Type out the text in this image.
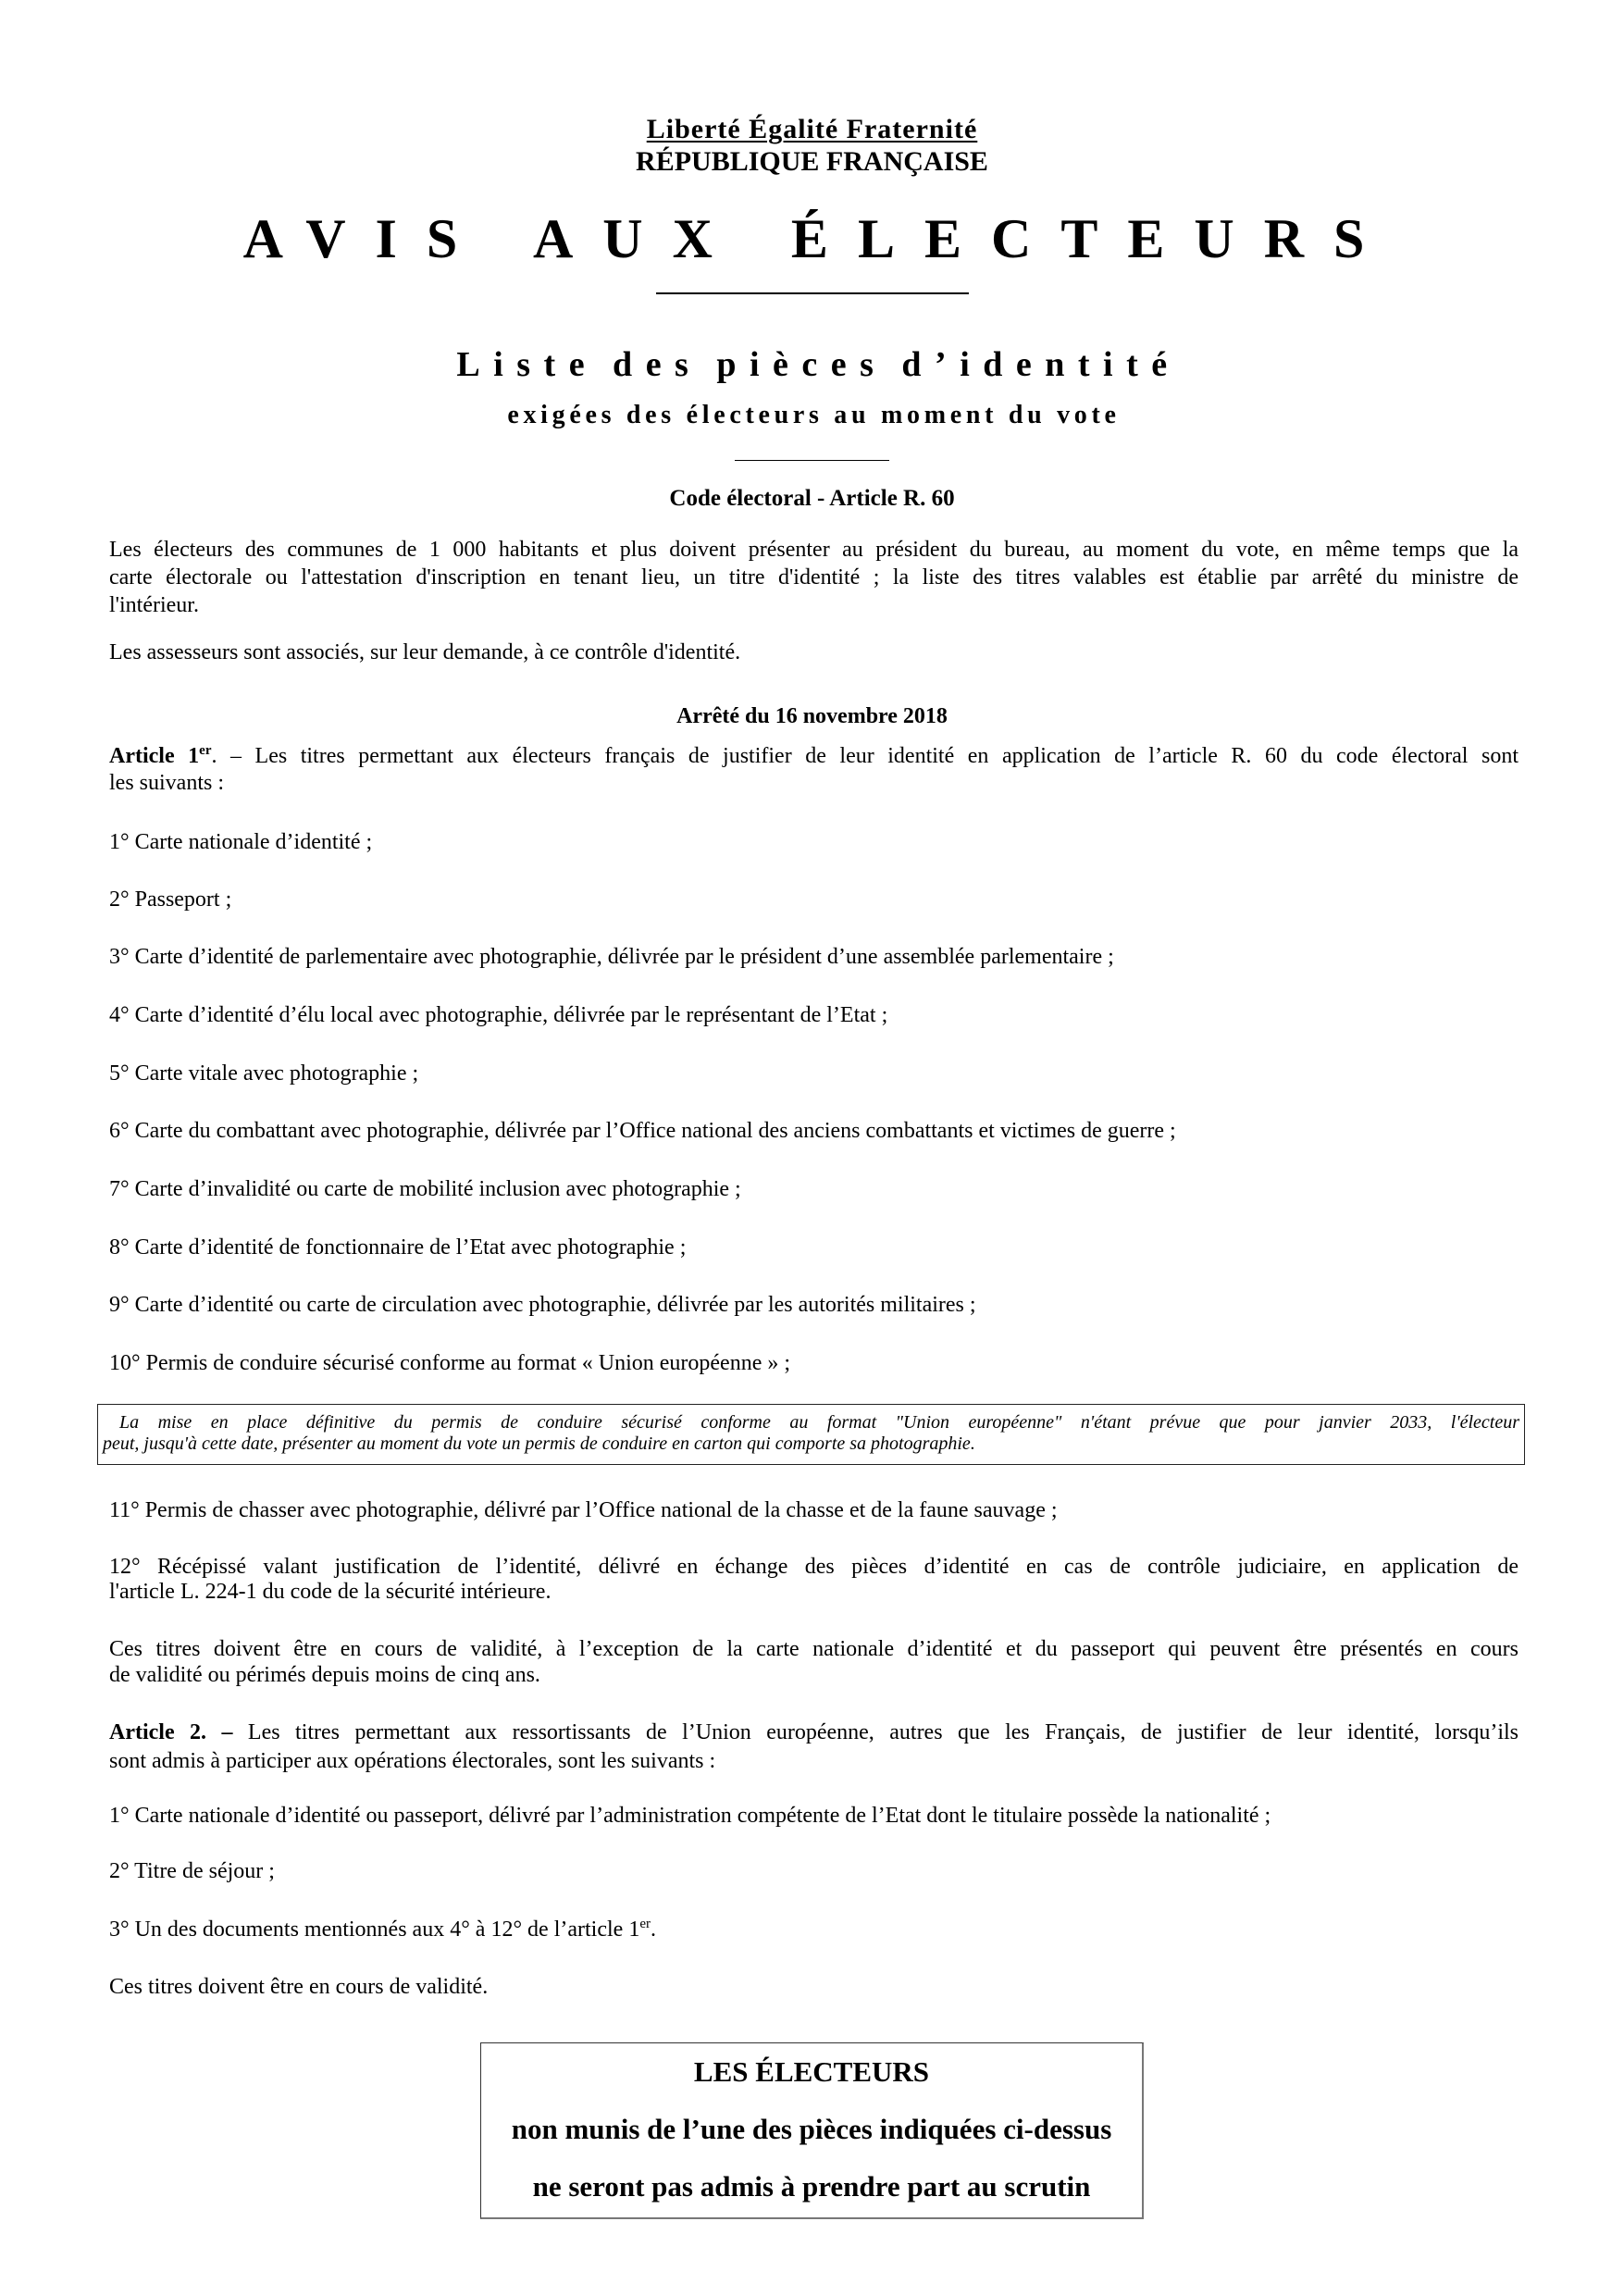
Liberté Égalité Fraternité
RÉPUBLIQUE FRANÇAISE
AVIS AUX ÉLECTEURS
Liste des pièces d’identité
exigées des électeurs au moment du vote
Code électoral - Article R. 60
Les électeurs des communes de 1 000 habitants et plus doivent présenter au président du bureau, au moment du vote, en même temps que la
carte électorale ou l'attestation d'inscription en tenant lieu, un titre d'identité ; la liste des titres valables est établie par arrêté du ministre de
l'intérieur.
Les assesseurs sont associés, sur leur demande, à ce contrôle d'identité.
Arrêté du 16 novembre 2018
Article 1er. – Les titres permettant aux électeurs français de justifier de leur identité en application de l’article R. 60 du code électoral sont
les suivants :
1° Carte nationale d’identité ;
2° Passeport ;
3° Carte d’identité de parlementaire avec photographie, délivrée par le président d’une assemblée parlementaire ;
4° Carte d’identité d’élu local avec photographie, délivrée par le représentant de l’Etat ;
5° Carte vitale avec photographie ;
6° Carte du combattant avec photographie, délivrée par l’Office national des anciens combattants et victimes de guerre ;
7° Carte d’invalidité ou carte de mobilité inclusion avec photographie ;
8° Carte d’identité de fonctionnaire de l’Etat avec photographie ;
9° Carte d’identité ou carte de circulation avec photographie, délivrée par les autorités militaires ;
10° Permis de conduire sécurisé conforme au format « Union européenne » ;
La mise en place définitive du permis de conduire sécurisé conforme au format "Union européenne" n'étant prévue que pour janvier 2033, l'électeur
peut, jusqu'à cette date, présenter au moment du vote un permis de conduire en carton qui comporte sa photographie.
11° Permis de chasser avec photographie, délivré par l’Office national de la chasse et de la faune sauvage ;
12° Récépissé valant justification de l’identité, délivré en échange des pièces d’identité en cas de contrôle judiciaire, en application de
l'article L. 224-1 du code de la sécurité intérieure.
Ces titres doivent être en cours de validité, à l’exception de la carte nationale d’identité et du passeport qui peuvent être présentés en cours
de validité ou périmés depuis moins de cinq ans.
Article 2. – Les titres permettant aux ressortissants de l’Union européenne, autres que les Français, de justifier de leur identité, lorsqu’ils
sont admis à participer aux opérations électorales, sont les suivants :
1° Carte nationale d’identité ou passeport, délivré par l’administration compétente de l’Etat dont le titulaire possède la nationalité ;
2° Titre de séjour ;
3° Un des documents mentionnés aux 4° à 12° de l’article 1er.
Ces titres doivent être en cours de validité.
LES ÉLECTEURS
non munis de l’une des pièces indiquées ci-dessus
ne seront pas admis à prendre part au scrutin
